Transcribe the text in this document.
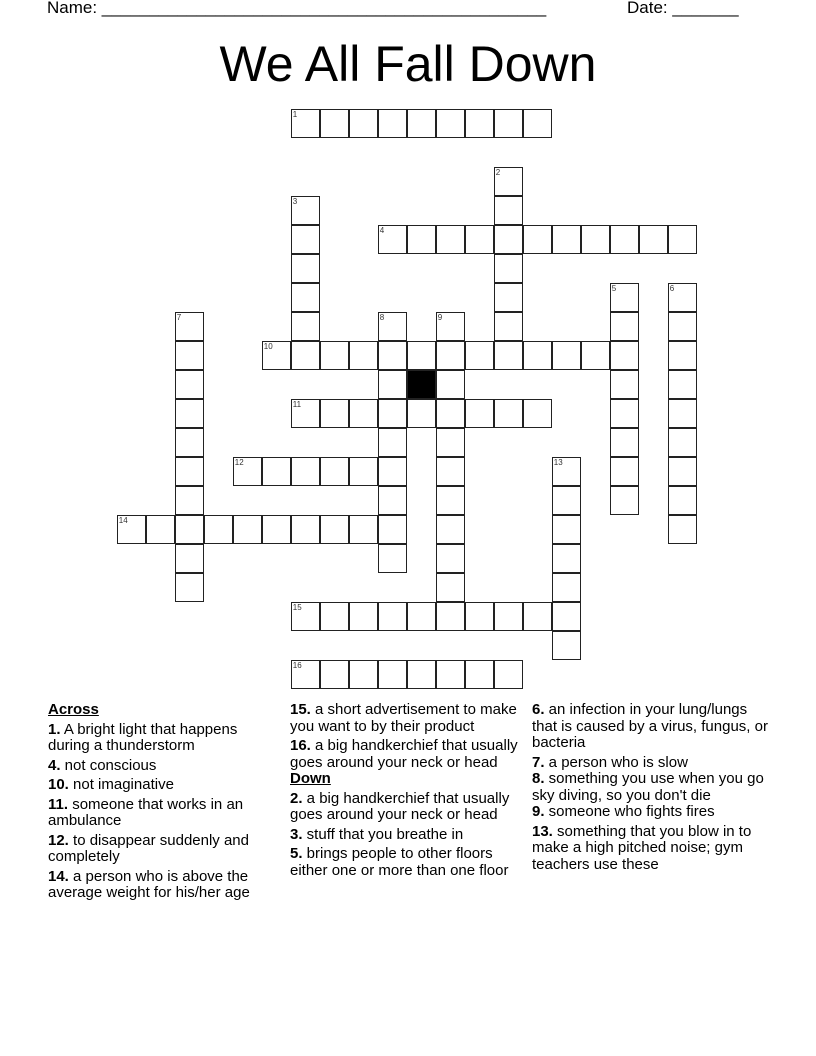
Name: _______________________________________________	Date: _______
We All Fall Down
1
2
3
4
5	6
7	8	9
10
11
12	13
14
15
16
Across
1. A bright light that happens during a thunderstorm
4. not conscious
10. not imaginative
11. someone that works in an ambulance
12. to disappear suddenly and completely
14. a person who is above the average weight for his/her age
15. a short advertisement to make you want to by their product
16. a big handkerchief that usually goes around your neck or head
Down
2. a big handkerchief that usually goes around your neck or head
3. stuff that you breathe in
5. brings people to other floors either one or more than one floor
6. an infection in your lung/lungs that is caused by a virus, fungus, or bacteria
7. a person who is slow
8. something you use when you go sky diving, so you don't die
9. someone who fights fires
13. something that you blow in to make a high pitched noise; gym teachers use these
